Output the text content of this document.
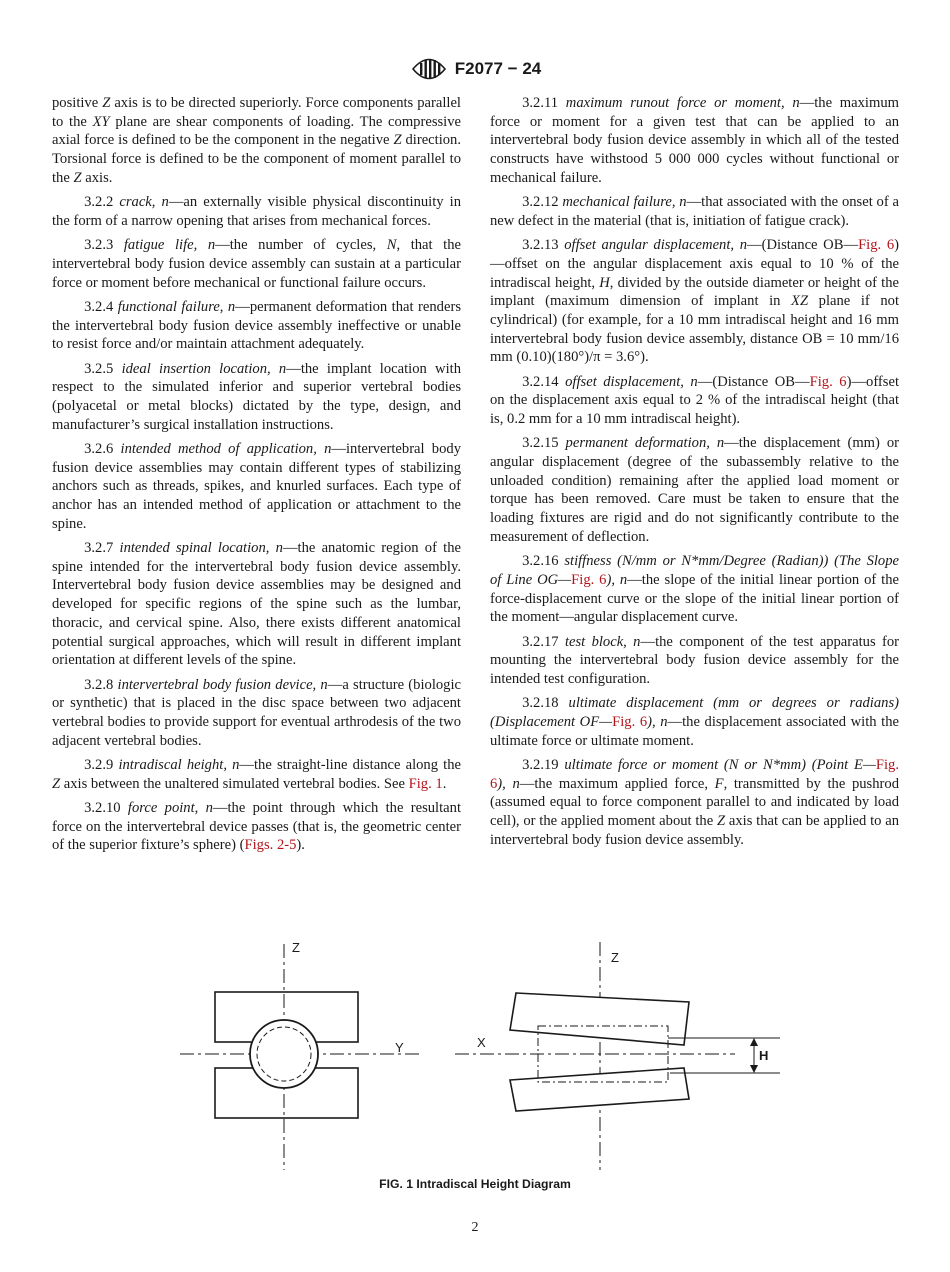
F2077 − 24

positive Z axis is to be directed superiorly. Force components parallel to the XY plane are shear components of loading. The compressive axial force is defined to be the component in the negative Z direction. Torsional force is defined to be the component of moment parallel to the Z axis.

3.2.2 crack, n—an externally visible physical discontinuity in the form of a narrow opening that arises from mechanical forces.

3.2.3 fatigue life, n—the number of cycles, N, that the intervertebral body fusion device assembly can sustain at a particular force or moment before mechanical or functional failure occurs.

3.2.4 functional failure, n—permanent deformation that renders the intervertebral body fusion device assembly ineffective or unable to resist force and/or maintain attachment adequately.

3.2.5 ideal insertion location, n—the implant location with respect to the simulated inferior and superior vertebral bodies (polyacetal or metal blocks) dictated by the type, design, and manufacturer’s surgical installation instructions.

3.2.6 intended method of application, n—intervertebral body fusion device assemblies may contain different types of stabilizing anchors such as threads, spikes, and knurled surfaces. Each type of anchor has an intended method of application or attachment to the spine.

3.2.7 intended spinal location, n—the anatomic region of the spine intended for the intervertebral body fusion device assembly. Intervertebral body fusion device assemblies may be designed and developed for specific regions of the spine such as the lumbar, thoracic, and cervical spine. Also, there exists different anatomical potential surgical approaches, which will result in different implant orientation at different levels of the spine.

3.2.8 intervertebral body fusion device, n—a structure (biologic or synthetic) that is placed in the disc space between two adjacent vertebral bodies to provide support for eventual arthrodesis of the two adjacent vertebral bodies.

3.2.9 intradiscal height, n—the straight-line distance along the Z axis between the unaltered simulated vertebral bodies. See Fig. 1.

3.2.10 force point, n—the point through which the resultant force on the intervertebral device passes (that is, the geometric center of the superior fixture’s sphere) (Figs. 2-5).

3.2.11 maximum runout force or moment, n—the maximum force or moment for a given test that can be applied to an intervertebral body fusion device assembly in which all of the tested constructs have withstood 5 000 000 cycles without functional or mechanical failure.

3.2.12 mechanical failure, n—that associated with the onset of a new defect in the material (that is, initiation of fatigue crack).

3.2.13 offset angular displacement, n—(Distance OB—Fig. 6)—offset on the angular displacement axis equal to 10 % of the intradiscal height, H, divided by the outside diameter or height of the implant (maximum dimension of implant in XZ plane if not cylindrical) (for example, for a 10 mm intradiscal height and 16 mm intervertebral body fusion device assembly, distance OB = 10 mm/16 mm (0.10)(180°)/π = 3.6°).

3.2.14 offset displacement, n—(Distance OB—Fig. 6)—offset on the displacement axis equal to 2 % of the intradiscal height (that is, 0.2 mm for a 10 mm intradiscal height).

3.2.15 permanent deformation, n—the displacement (mm) or angular displacement (degree of the subassembly relative to the unloaded condition) remaining after the applied load moment or torque has been removed. Care must be taken to ensure that the loading fixtures are rigid and do not significantly contribute to the measurement of deflection.

3.2.16 stiffness (N/mm or N*mm/Degree (Radian)) (The Slope of Line OG—Fig. 6), n—the slope of the initial linear portion of the force-displacement curve or the slope of the initial linear portion of the moment—angular displacement curve.

3.2.17 test block, n—the component of the test apparatus for mounting the intervertebral body fusion device assembly for the intended test configuration.

3.2.18 ultimate displacement (mm or degrees or radians) (Displacement OF—Fig. 6), n—the displacement associated with the ultimate force or ultimate moment.

3.2.19 ultimate force or moment (N or N*mm) (Point E—Fig. 6), n—the maximum applied force, F, transmitted by the pushrod (assumed equal to force component parallel to and indicated by load cell), or the applied moment about the Z axis that can be applied to an intervertebral body fusion device assembly.

Z
Y
Z
X
H
FIG. 1 Intradiscal Height Diagram
2
